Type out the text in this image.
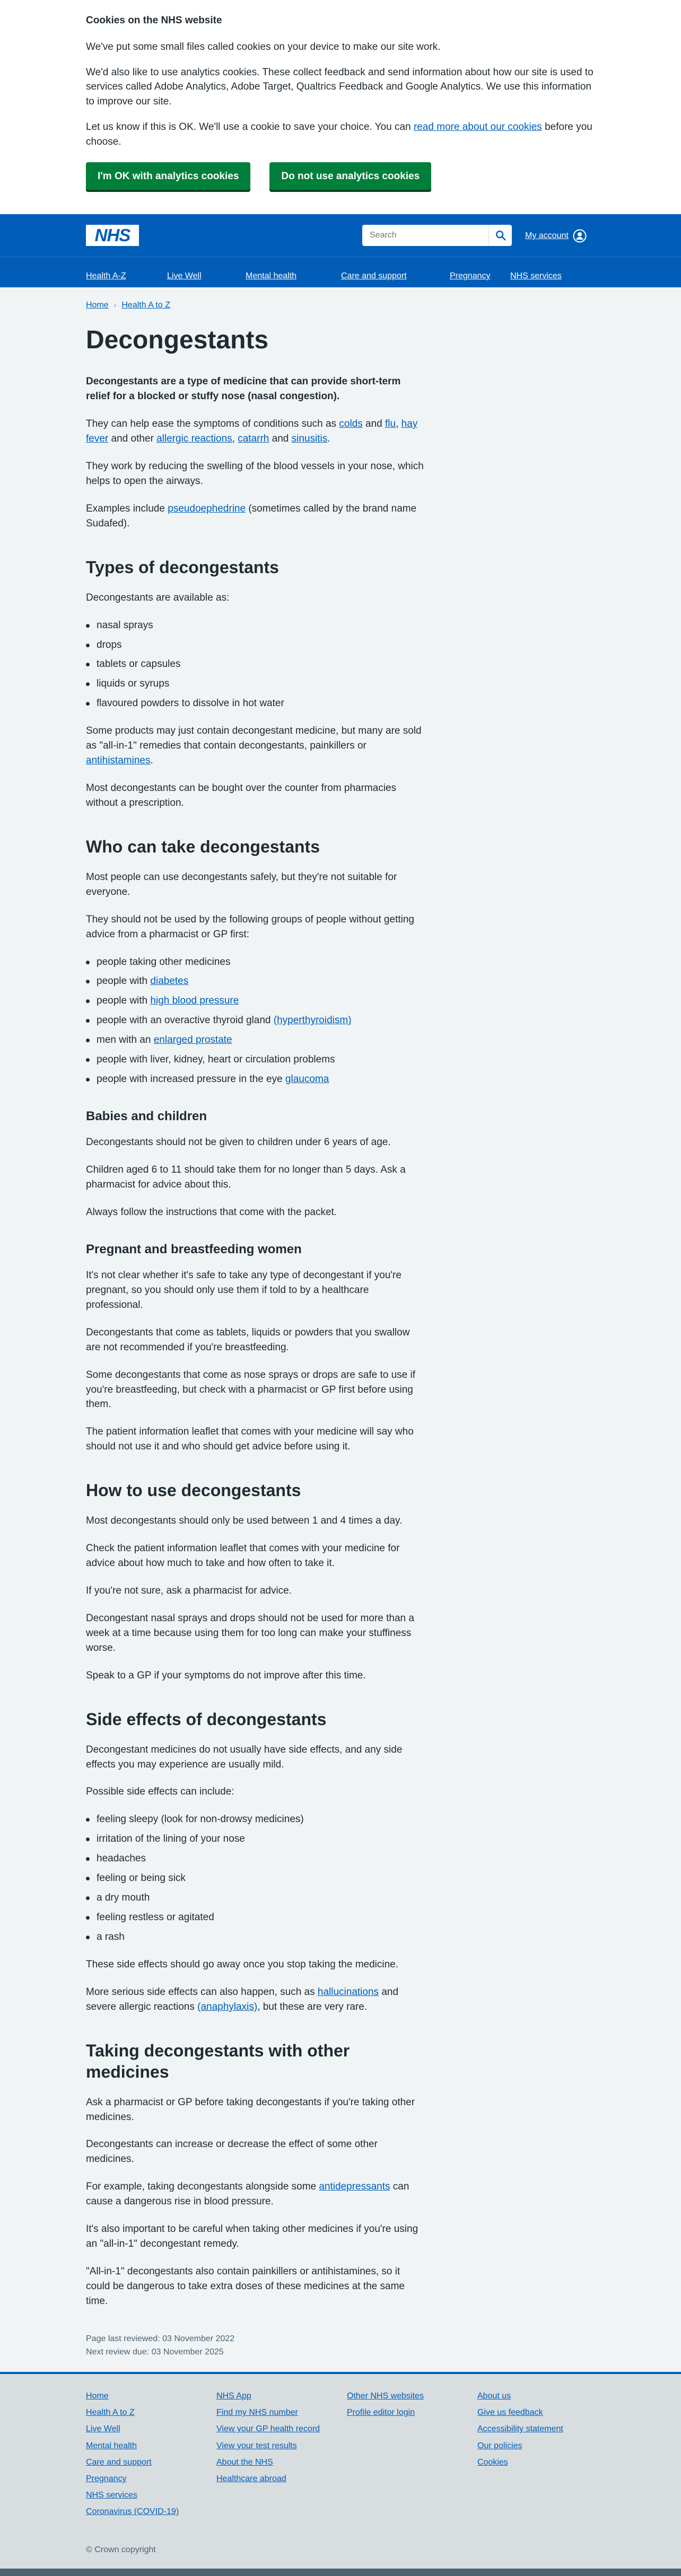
Cookies on the NHS website

We've put some small files called cookies on your device to make our site work.

We'd also like to use analytics cookies. These collect feedback and send information about how our site is used to services called Adobe Analytics, Adobe Target, Qualtrics Feedback and Google Analytics. We use this information to improve our site.

Let us know if this is OK. We'll use a cookie to save your choice. You can read more about our cookies before you choose.

I'm OK with analytics cookies	Do not use analytics cookies
NHS
Search	My account
Health A-Z	Live Well	Mental health	Care and support	Pregnancy	NHS services
Home › Health A to Z
Decongestants

Decongestants are a type of medicine that can provide short-term relief for a blocked or stuffy nose (nasal congestion).

They can help ease the symptoms of conditions such as colds and flu, hay fever and other allergic reactions, catarrh and sinusitis.

They work by reducing the swelling of the blood vessels in your nose, which helps to open the airways.

Examples include pseudoephedrine (sometimes called by the brand name Sudafed).

Types of decongestants

Decongestants are available as:

nasal sprays
drops
tablets or capsules
liquids or syrups
flavoured powders to dissolve in hot water

Some products may just contain decongestant medicine, but many are sold as "all-in-1" remedies that contain decongestants, painkillers or antihistamines.

Most decongestants can be bought over the counter from pharmacies without a prescription.

Who can take decongestants

Most people can use decongestants safely, but they're not suitable for everyone.

They should not be used by the following groups of people without getting advice from a pharmacist or GP first:

people taking other medicines
people with diabetes
people with high blood pressure
people with an overactive thyroid gland (hyperthyroidism)
men with an enlarged prostate
people with liver, kidney, heart or circulation problems
people with increased pressure in the eye glaucoma
Babies and children

Decongestants should not be given to children under 6 years of age.

Children aged 6 to 11 should take them for no longer than 5 days. Ask a pharmacist for advice about this.

Always follow the instructions that come with the packet.

Pregnant and breastfeeding women

It's not clear whether it's safe to take any type of decongestant if you're pregnant, so you should only use them if told to by a healthcare professional.

Decongestants that come as tablets, liquids or powders that you swallow are not recommended if you're breastfeeding.

Some decongestants that come as nose sprays or drops are safe to use if you're breastfeeding, but check with a pharmacist or GP first before using them.

The patient information leaflet that comes with your medicine will say who should not use it and who should get advice before using it.

How to use decongestants

Most decongestants should only be used between 1 and 4 times a day.

Check the patient information leaflet that comes with your medicine for advice about how much to take and how often to take it.

If you're not sure, ask a pharmacist for advice.

Decongestant nasal sprays and drops should not be used for more than a week at a time because using them for too long can make your stuffiness worse.

Speak to a GP if your symptoms do not improve after this time.

Side effects of decongestants

Decongestant medicines do not usually have side effects, and any side effects you may experience are usually mild.

Possible side effects can include:

feeling sleepy (look for non-drowsy medicines)
irritation of the lining of your nose
headaches
feeling or being sick
a dry mouth
feeling restless or agitated
a rash

These side effects should go away once you stop taking the medicine.

More serious side effects can also happen, such as hallucinations and severe allergic reactions (anaphylaxis), but these are very rare.

Taking decongestants with other medicines

Ask a pharmacist or GP before taking decongestants if you're taking other medicines.

Decongestants can increase or decrease the effect of some other medicines.

For example, taking decongestants alongside some antidepressants can cause a dangerous rise in blood pressure.

It's also important to be careful when taking other medicines if you're using an "all-in-1" decongestant remedy.

"All-in-1" decongestants also contain painkillers or antihistamines, so it could be dangerous to take extra doses of these medicines at the same time.

Page last reviewed: 03 November 2022
Next review due: 03 November 2025
Home
Health A to Z
Live Well
Mental health
Care and support
Pregnancy
NHS services
Coronavirus (COVID-19)
NHS App
Find my NHS number
View your GP health record
View your test results
About the NHS
Healthcare abroad
Other NHS websites
Profile editor login
About us
Give us feedback
Accessibility statement
Our policies
Cookies
© Crown copyright
